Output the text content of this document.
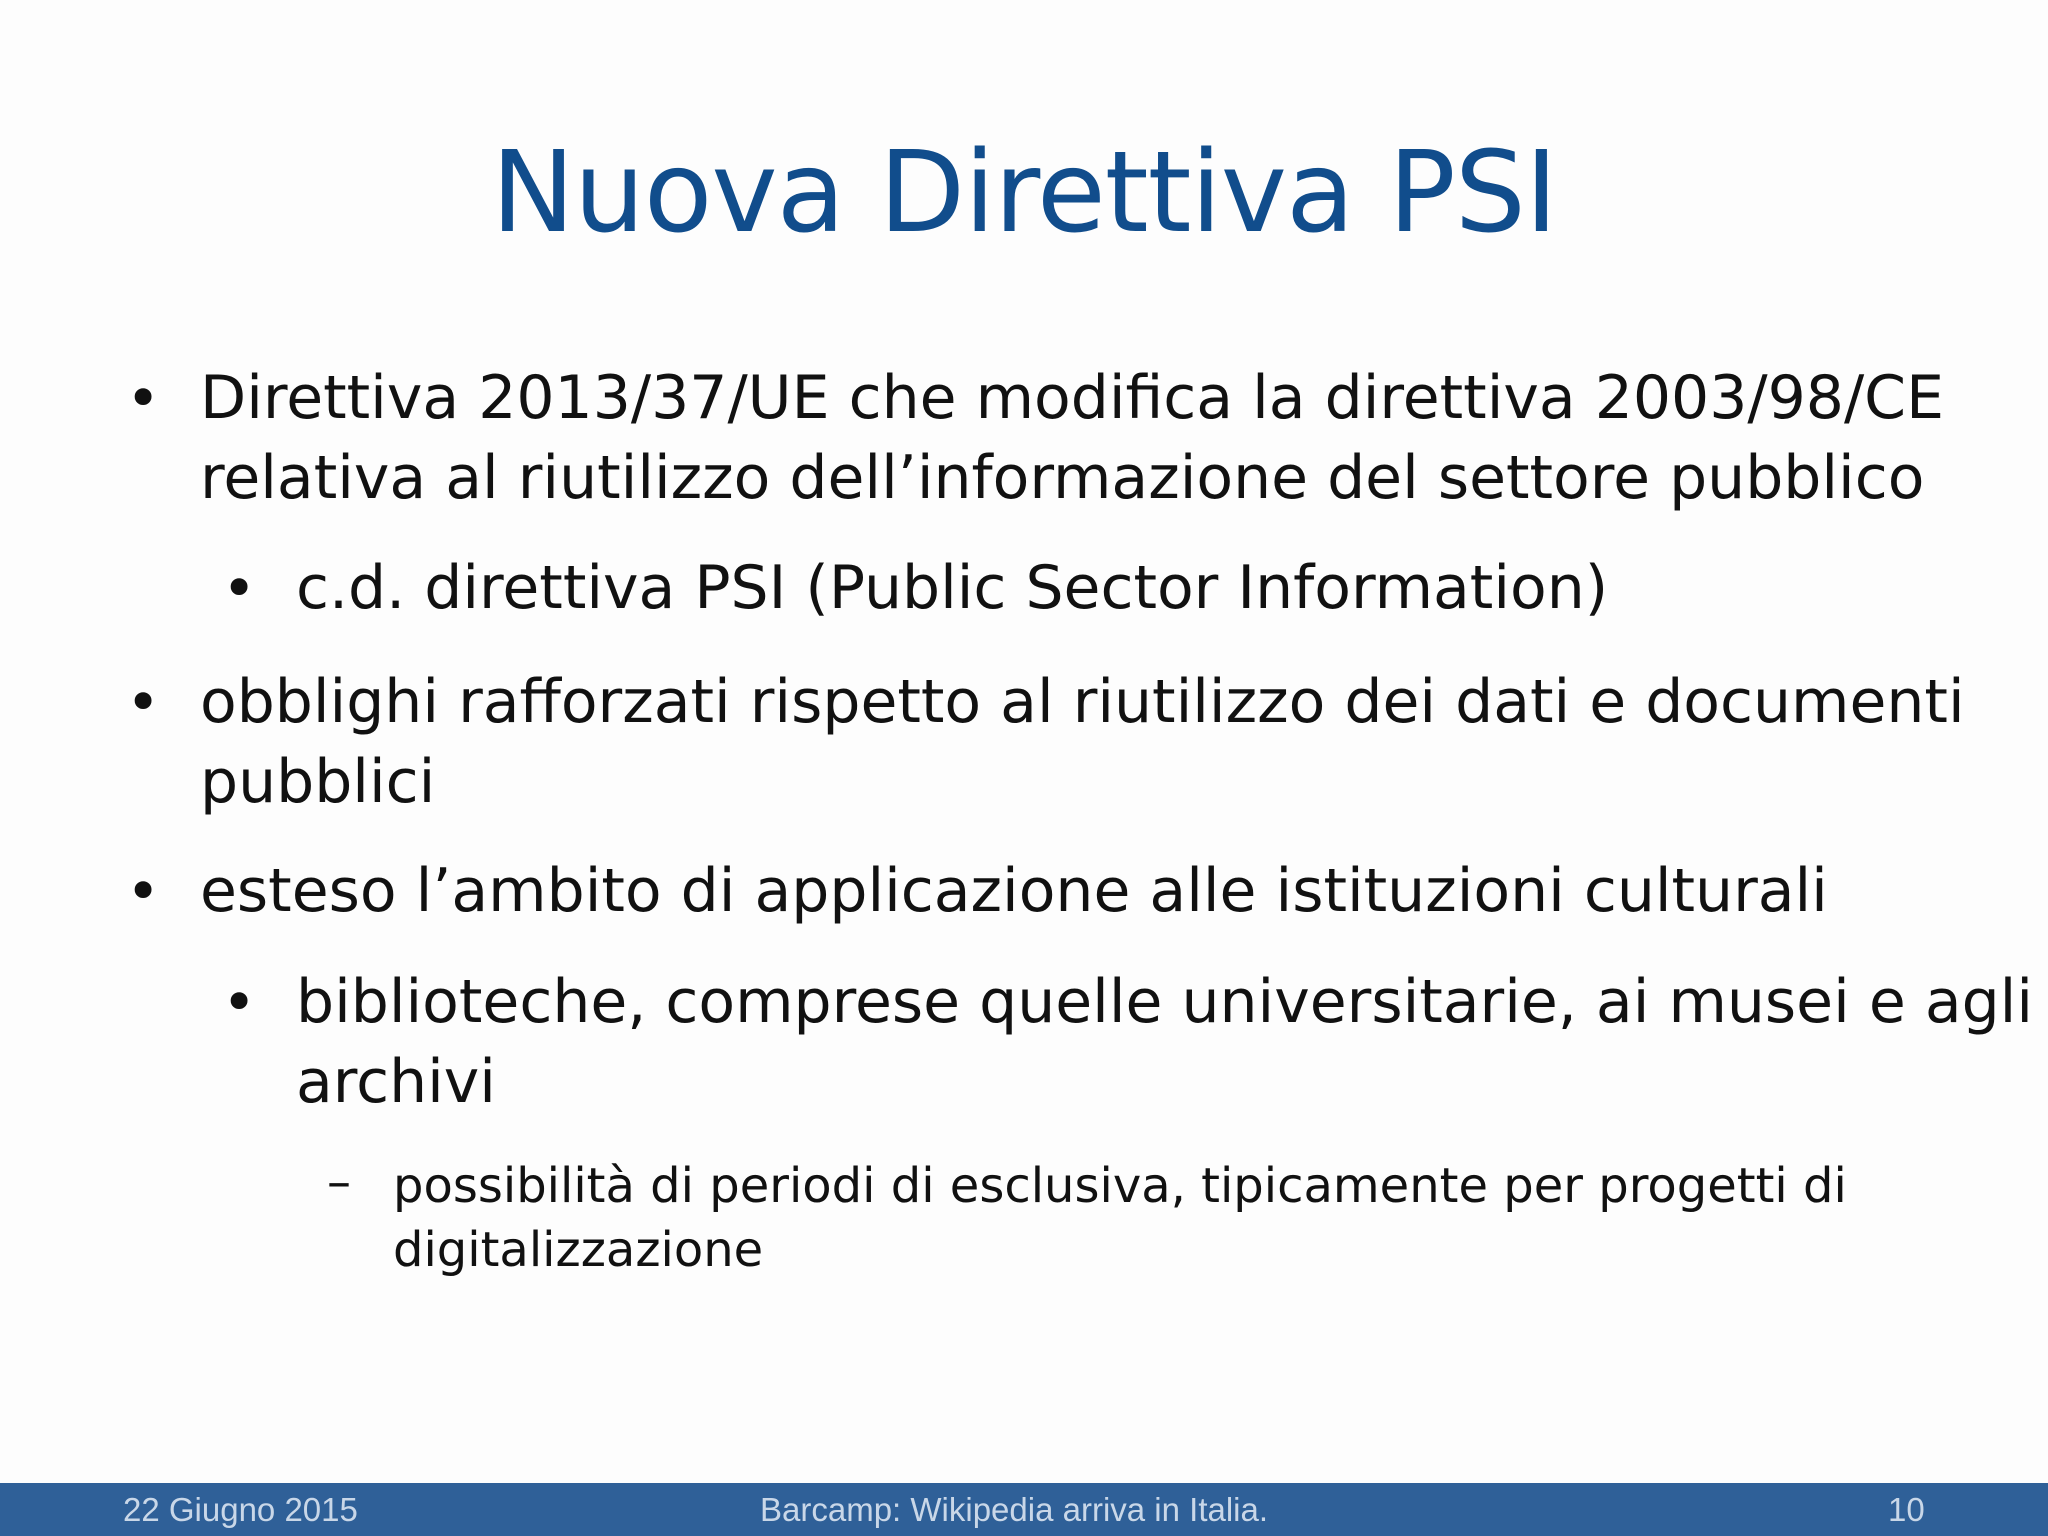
Nuova Direttiva PSI
• Direttiva 2013/37/UE che modifica la direttiva 2003/98/CE
relativa al riutilizzo dell’informazione del settore pubblico
• c.d. direttiva PSI (Public Sector Information)
• obblighi rafforzati rispetto al riutilizzo dei dati e documenti
pubblici
• esteso l’ambito di applicazione alle istituzioni culturali
• biblioteche, comprese quelle universitarie, ai musei e agli
archivi
– possibilità di periodi di esclusiva, tipicamente per progetti di
digitalizzazione
22 Giugno 2015	Barcamp: Wikipedia arriva in Italia.	10
